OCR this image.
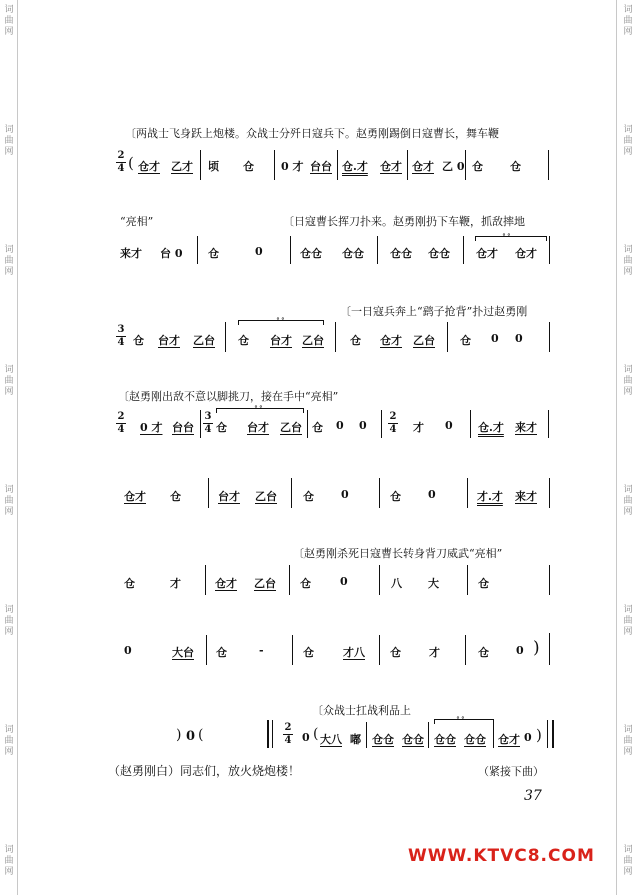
词
曲
网
词
曲
网
词
曲
网
词
曲
网
词
曲
网
词
曲
网
词
曲
网
词
曲
网
词
曲
网
词
曲
网
词
曲
网
词
曲
网
词
曲
网
词
曲
网
词
曲
网
词
曲
网
〔两战士飞身跃上炮楼。众战士分歼日寇兵下。赵勇刚踢倒日寇曹长，舞车鞭
“亮相”	〔日寇曹长挥刀扑来。赵勇刚扔下车鞭，抓敌摔地
〔一日寇兵奔上“鹞子抢背”扑过赵勇刚
〔赵勇刚出敌不意以脚挑刀，接在手中“亮相”
〔赵勇刚杀死日寇曹长转身背刀威武“亮相”
〔众战士扛战利品上
2
4 ( 仓才 乙才 顷 仓 0 才 台台 仓.才 仓才 仓才 乙 0 仓 仓
来才 台 0 仓	0	仓仓 仓仓 仓仓 仓仓
∘∘
仓才 仓才
3
4 仓 台才 乙台
∘∘
仓 台才 乙台 仓 仓才 乙台 仓 0 0
2
4 0 才 台台
3
4
∘∘
仓 台才 乙台 仓 0 0
2
4 才 0 仓.才 来才
仓才 仓	台才 乙台 仓 0	仓 0	才.才 来才
仓	才	仓才 乙台 仓	0	八 大	仓
0	大台 仓	-	仓	才八 仓	才	仓 0 )
) 0 (	2
4 0 ( 大八 嘟 仓仓 仓仓
∘∘
仓仓 仓仓 仓才 0 )
（赵勇刚白）同志们，放火烧炮楼！	（紧接下曲）
37
WWW.KTVC8.COM
